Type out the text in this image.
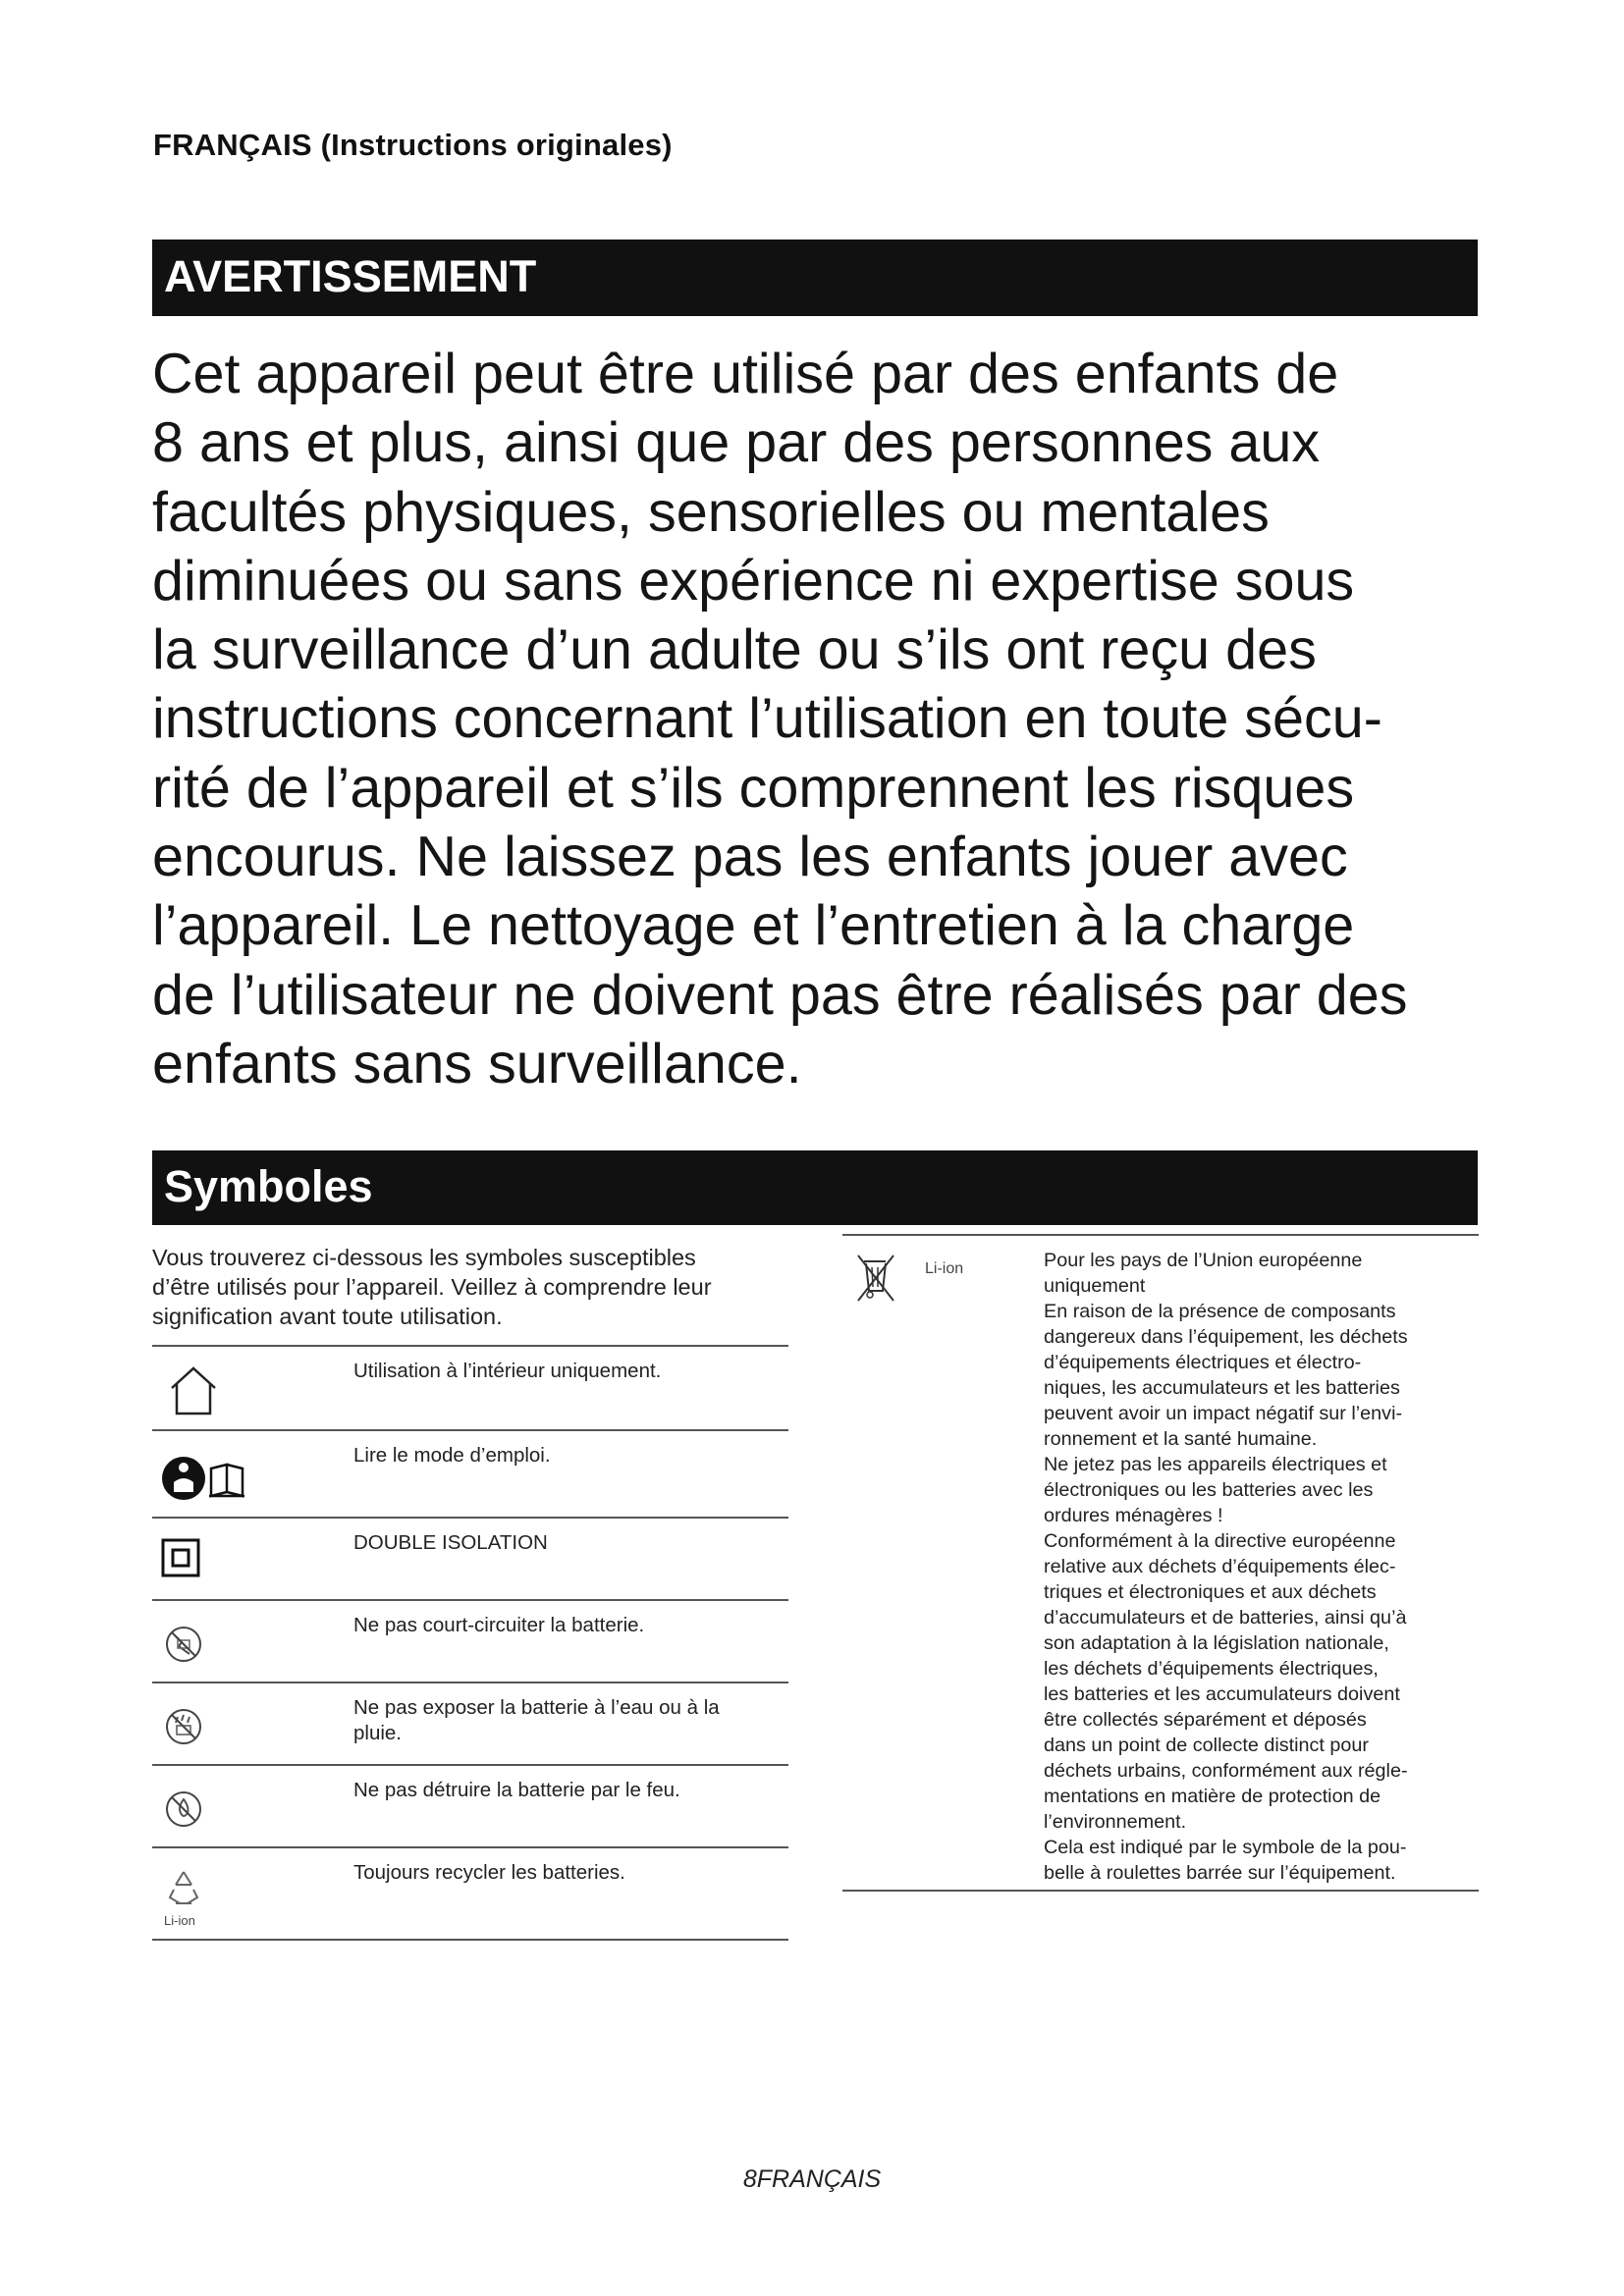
FRANÇAIS (Instructions originales)
AVERTISSEMENT
Cet appareil peut être utilisé par des enfants de
8 ans et plus, ainsi que par des personnes aux
facultés physiques, sensorielles ou mentales
diminuées ou sans expérience ni expertise sous
la surveillance d’un adulte ou s’ils ont reçu des
instructions concernant l’utilisation en toute sécu-
rité de l’appareil et s’ils comprennent les risques
encourus. Ne laissez pas les enfants jouer avec
l’appareil. Le nettoyage et l’entretien à la charge
de l’utilisateur ne doivent pas être réalisés par des
enfants sans surveillance.
Symboles
Vous trouverez ci-dessous les symboles susceptibles
d’être utilisés pour l’appareil. Veillez à comprendre leur
signification avant toute utilisation.
Utilisation à l’intérieur uniquement.
Lire le mode d’emploi.
DOUBLE ISOLATION
Ne pas court-circuiter la batterie.
Ne pas exposer la batterie à l’eau ou à la pluie.
Ne pas détruire la batterie par le feu.
Li-ion
Toujours recycler les batteries.
Li-ion	Pour les pays de l’Union européenne
uniquement
En raison de la présence de composants
dangereux dans l’équipement, les déchets
d’équipements électriques et électro-
niques, les accumulateurs et les batteries
peuvent avoir un impact négatif sur l’envi-
ronnement et la santé humaine.
Ne jetez pas les appareils électriques et
électroniques ou les batteries avec les
ordures ménagères !
Conformément à la directive européenne
relative aux déchets d’équipements élec-
triques et électroniques et aux déchets
d’accumulateurs et de batteries, ainsi qu’à
son adaptation à la législation nationale,
les déchets d’équipements électriques,
les batteries et les accumulateurs doivent
être collectés séparément et déposés
dans un point de collecte distinct pour
déchets urbains, conformément aux régle-
mentations en matière de protection de
l’environnement.
Cela est indiqué par le symbole de la pou-
belle à roulettes barrée sur l’équipement.
8FRANÇAIS
